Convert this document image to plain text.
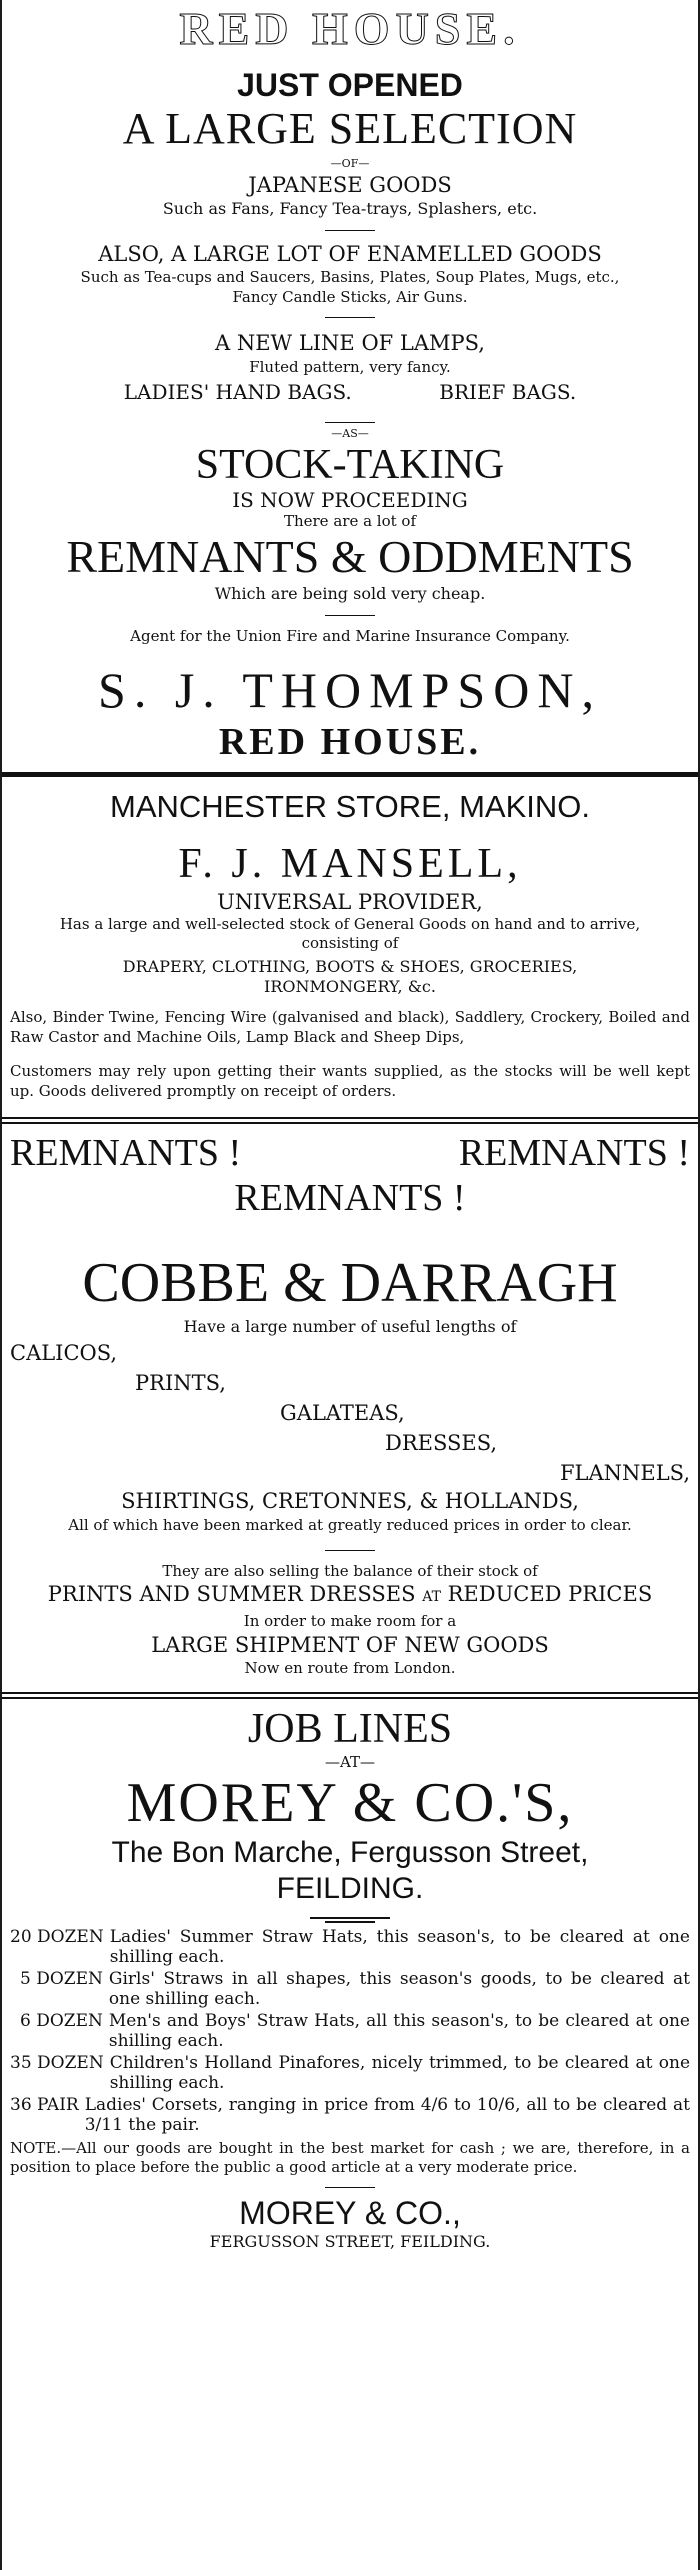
RED HOUSE.
JUST OPENED
A LARGE SELECTION
—OF—
JAPANESE GOODS
Such as Fans, Fancy Tea-trays, Splashers, etc.
ALSO, A LARGE LOT OF ENAMELLED GOODS
Such as Tea-cups and Saucers, Basins, Plates, Soup Plates, Mugs, etc.,
Fancy Candle Sticks, Air Guns.
A NEW LINE OF LAMPS,
Fluted pattern, very fancy.
LADIES' HAND BAGS.	BRIEF BAGS.
—AS—
STOCK-TAKING
IS NOW PROCEEDING
There are a lot of
REMNANTS & ODDMENTS
Which are being sold very cheap.
Agent for the Union Fire and Marine Insurance Company.
S. J. THOMPSON,
RED HOUSE.
MANCHESTER STORE, MAKINO.
F. J. MANSELL,
UNIVERSAL PROVIDER,
Has a large and well-selected stock of General Goods on hand and to arrive,
consisting of
DRAPERY, CLOTHING, BOOTS & SHOES, GROCERIES,
IRONMONGERY, &c.
Also, Binder Twine, Fencing Wire (galvanised and black), Saddlery, Crockery, Boiled and Raw Castor and Machine Oils, Lamp Black and Sheep Dips,
Customers may rely upon getting their wants supplied, as the stocks will be well kept up. Goods delivered promptly on receipt of orders.
REMNANTS !	REMNANTS !
REMNANTS !
COBBE & DARRAGH
Have a large number of useful lengths of
CALICOS,
PRINTS,
GALATEAS,
DRESSES,
FLANNELS,
SHIRTINGS, CRETONNES, & HOLLANDS,
All of which have been marked at greatly reduced prices in order to clear.
They are also selling the balance of their stock of
PRINTS AND SUMMER DRESSES AT REDUCED PRICES
In order to make room for a
LARGE SHIPMENT OF NEW GOODS
Now en route from London.
JOB LINES
—AT—
MOREY & CO.'S,
The Bon Marche, Fergusson Street,
FEILDING.
20 DOZEN Ladies' Summer Straw Hats, this season's, to be cleared at one shilling each.
5 DOZEN Girls' Straws in all shapes, this season's goods, to be cleared at one shilling each.
6 DOZEN Men's and Boys' Straw Hats, all this season's, to be cleared at one shilling each.
35 DOZEN Children's Holland Pinafores, nicely trimmed, to be cleared at one shilling each.
36 PAIR Ladies' Corsets, ranging in price from 4/6 to 10/6, all to be cleared at 3/11 the pair.
NOTE.—All our goods are bought in the best market for cash ; we are, therefore, in a position to place before the public a good article at a very moderate price.
MOREY & CO.,
FERGUSSON STREET, FEILDING.
